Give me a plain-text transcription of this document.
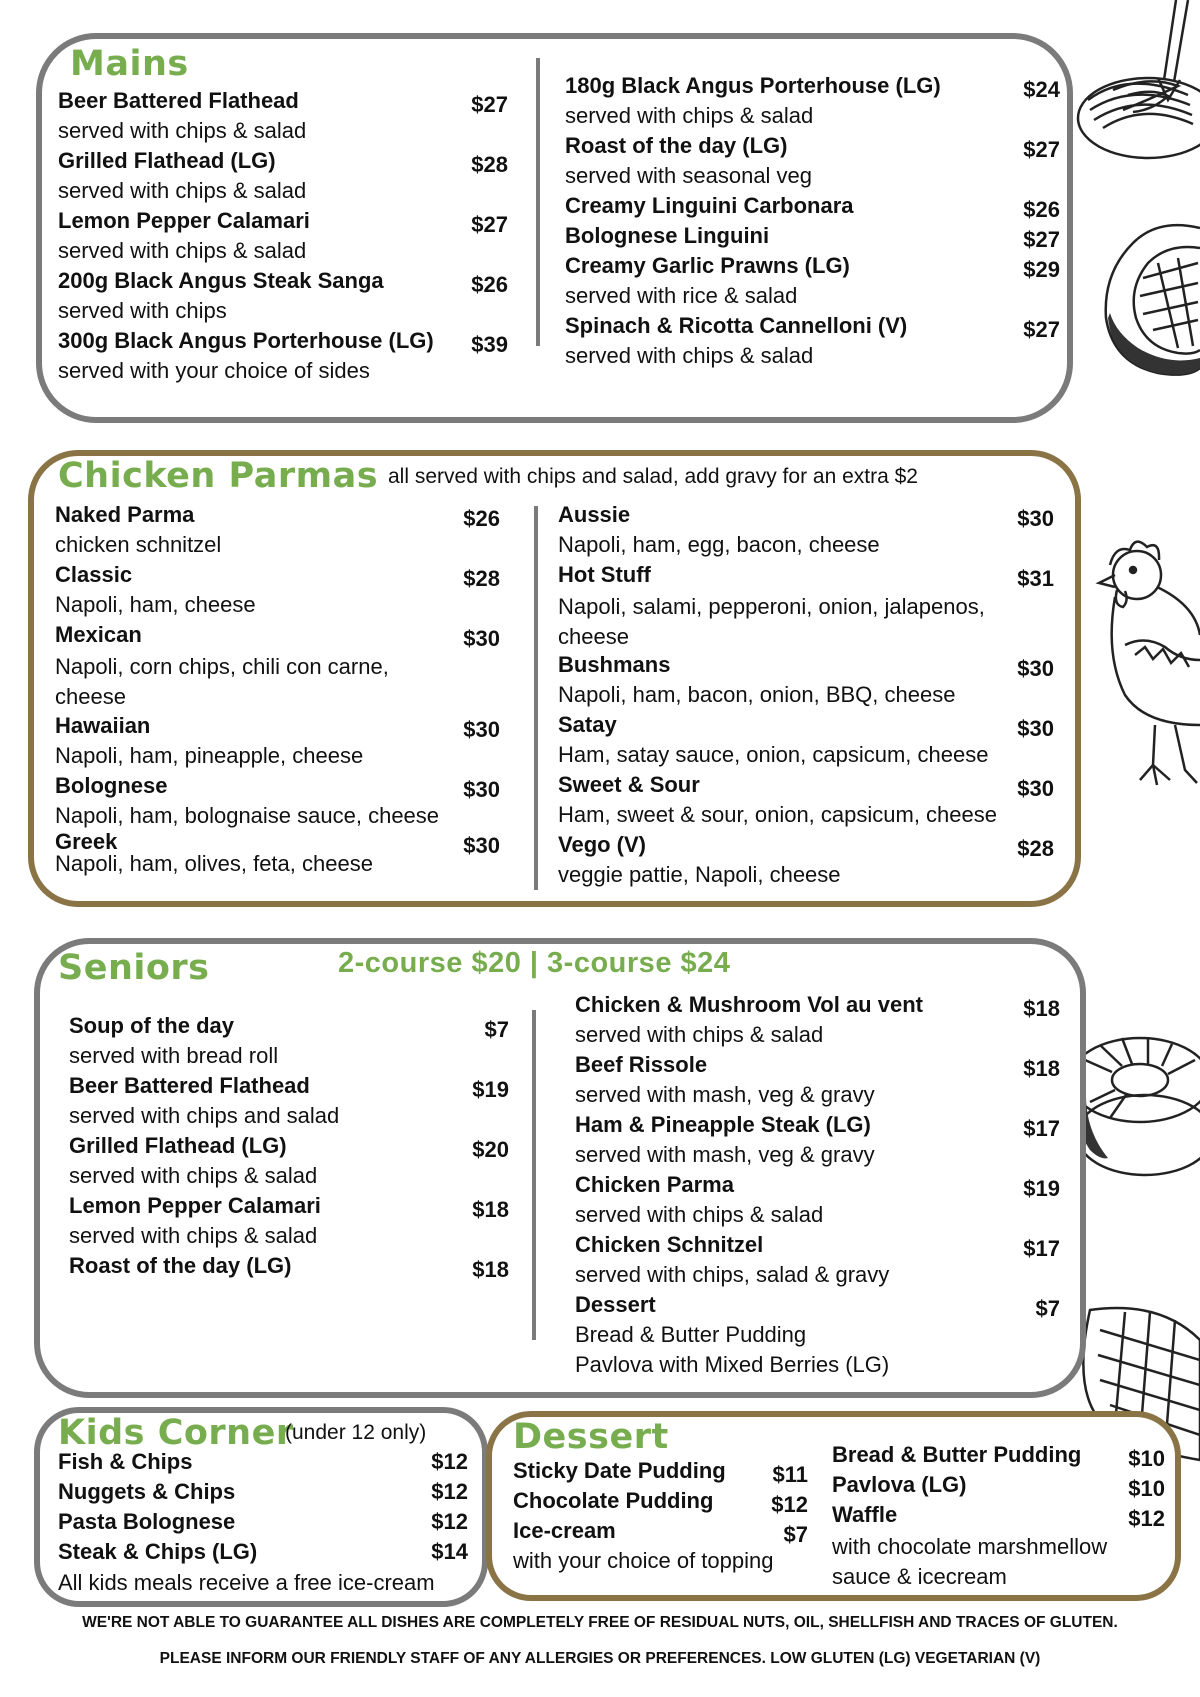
Mains
Beer Battered Flathead	$27
served with chips & salad
Grilled Flathead (LG)	$28
served with chips & salad
Lemon Pepper Calamari	$27
served with chips & salad
200g Black Angus Steak Sanga	$26
served with chips
300g Black Angus Porterhouse (LG) $39
served with your choice of sides
180g Black Angus Porterhouse (LG)	$24
served with chips & salad
Roast of the day (LG)	$27
served with seasonal veg
Creamy Linguini Carbonara	$26
Bolognese Linguini	$27
Creamy Garlic Prawns (LG)	$29
served with rice & salad
Spinach & Ricotta Cannelloni (V)	$27
served with chips & salad
Chicken Parmas all served with chips and salad, add gravy for an extra $2
Naked Parma	$26
chicken schnitzel
Classic	$28
Napoli, ham, cheese
Mexican	$30
Napoli, corn chips, chili con carne, cheese
Hawaiian	$30
Napoli, ham, pineapple, cheese
Bolognese	$30
Napoli, ham, bolognaise sauce, cheese
Greek	$30
Napoli, ham, olives, feta, cheese
Aussie	$30
Napoli, ham, egg, bacon, cheese
Hot Stuff	$31
Napoli, salami, pepperoni, onion, jalapenos, cheese
Bushmans	$30
Napoli, ham, bacon, onion, BBQ, cheese
Satay	$30
Ham, satay sauce, onion, capsicum, cheese
Sweet & Sour	$30
Ham, sweet & sour, onion, capsicum, cheese
Vego (V)	$28
veggie pattie, Napoli, cheese
Seniors	2-course $20 | 3-course $24
Soup of the day	$7
served with bread roll
Beer Battered Flathead	$19
served with chips and salad
Grilled Flathead (LG)	$20
served with chips & salad
Lemon Pepper Calamari	$18
served with chips & salad
Roast of the day (LG)	$18
Chicken & Mushroom Vol au vent	$18
served with chips & salad
Beef Rissole	$18
served with mash, veg & gravy
Ham & Pineapple Steak (LG)	$17
served with mash, veg & gravy
Chicken Parma	$19
served with chips & salad
Chicken Schnitzel	$17
served with chips, salad & gravy
Dessert	$7
Bread & Butter Pudding
Pavlova with Mixed Berries (LG)
Kids Corner
(under 12 only)
Fish & Chips	$12
Nuggets & Chips	$12
Pasta Bolognese	$12
Steak & Chips (LG)	$14
All kids meals receive a free ice-cream
Dessert
Sticky Date Pudding $11
Chocolate Pudding	$12
Ice-cream	$7
with your choice of topping
Bread & Butter Pudding $10
Pavlova (LG)	$10
Waffle	$12
with chocolate marshmellow sauce & icecream
WE'RE NOT ABLE TO GUARANTEE ALL DISHES ARE COMPLETELY FREE OF RESIDUAL NUTS, OIL, SHELLFISH AND TRACES OF GLUTEN.
PLEASE INFORM OUR FRIENDLY STAFF OF ANY ALLERGIES OR PREFERENCES. LOW GLUTEN (LG) VEGETARIAN (V)
